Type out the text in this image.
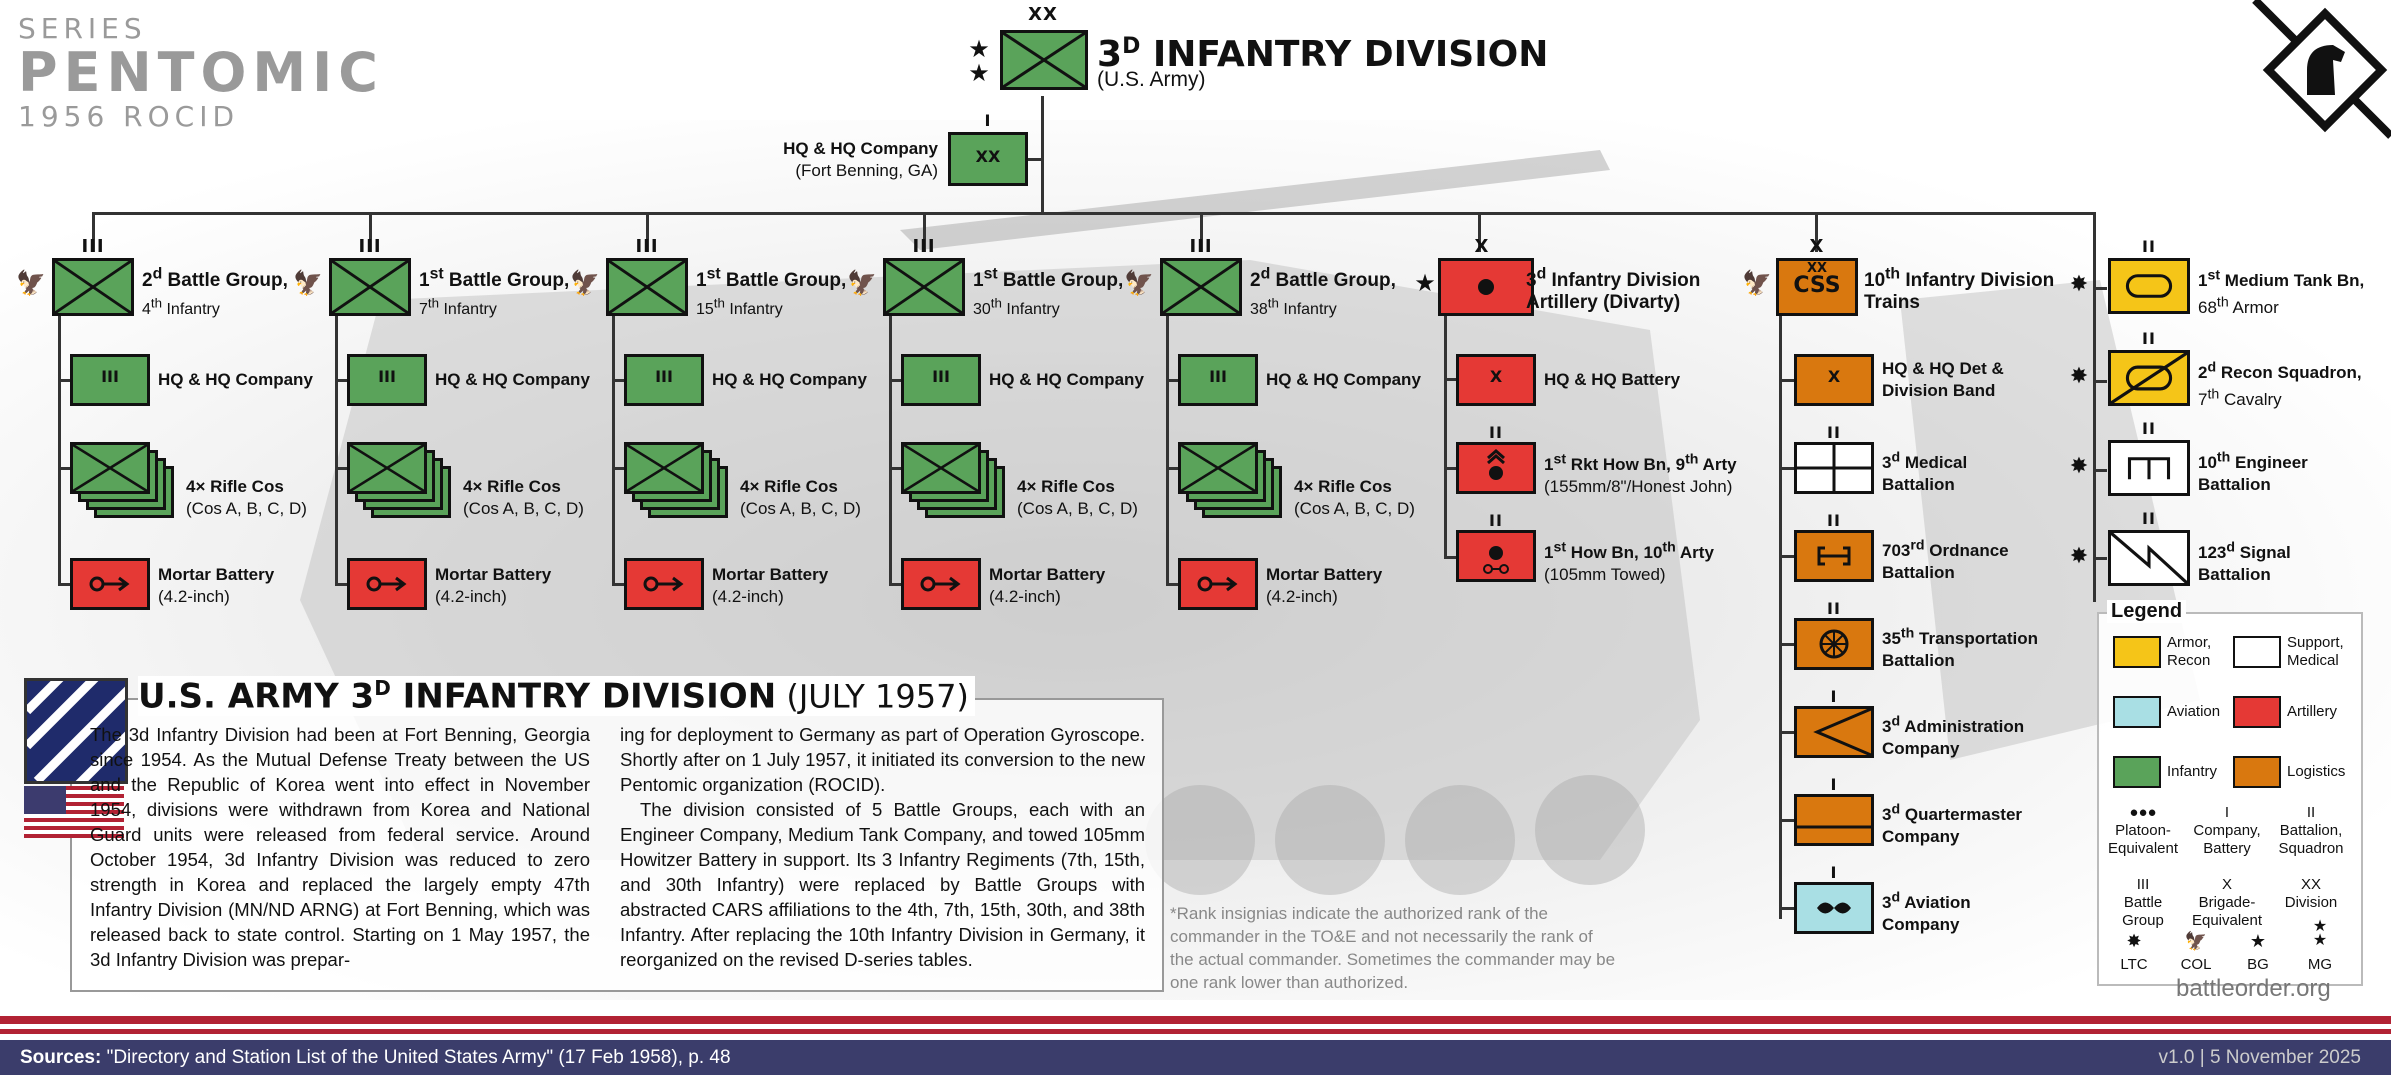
SERIES
PENTOMIC
1956 ROCID
XX
★
★	$3^D$ INFANTRY DIVISION
(U.S. Army)
I
XX
HQ & HQ Company
(Fort Benning, GA)
III
🦅	2$^d$ Battle Group,
4th Infantry
III	HQ & HQ Company
4× Rifle Cos
(Cos A, B, C, D)
Mortar Battery
(4.2-inch)
III
🦅	1st Battle Group,
7th Infantry
III	HQ & HQ Company
4× Rifle Cos
(Cos A, B, C, D)
Mortar Battery
(4.2-inch)
III
🦅	1st Battle Group,
15th Infantry
III	HQ & HQ Company
4× Rifle Cos
(Cos A, B, C, D)
Mortar Battery
(4.2-inch)
III
🦅	1st Battle Group,
30th Infantry
III	HQ & HQ Company
4× Rifle Cos
(Cos A, B, C, D)
Mortar Battery
(4.2-inch)
III
🦅	2$^d$ Battle Group,
38th Infantry
III	HQ & HQ Company
4× Rifle Cos
(Cos A, B, C, D)
Mortar Battery
(4.2-inch)
X
★	3$^d$ Infantry Division
Artillery (Divarty)
X	HQ & HQ Battery
II
1st Rkt How Bn, 9th Arty
(155mm/8"/Honest John)
II
1st How Bn, 10th Arty
(105mm Towed)
X
🦅
XX
CSS	10th Infantry Division
Trains
X	HQ & HQ Det &
Division Band
II
3$^d$ Medical
Battalion
II
703rd Ordnance
Battalion
II
35th Transportation
Battalion
I
3$^d$ Administration
Company
I
3$^d$ Quartermaster
Company
I
3$^d$ Aviation
Company
II
✸	1st Medium Tank Bn,
68th Armor
II
✸	2$^d$ Recon Squadron,
7th Cavalry
II
✸	10th Engineer
Battalion
II
✸	123$^d$ Signal
Battalion
U.S. ARMY $3^D$ INFANTRY DIVISION (JULY 1957)
The 3d Infantry Division had been at Fort Benning, Georgia since 1954. As the Mutual Defense Treaty between the US and the Republic of Korea went into effect in November 1954, divisions were withdrawn from Korea and National Guard units were released from federal service. Around October 1954, 3d Infantry Division was reduced to zero strength in Korea and replaced the largely empty 47th Infantry Division (MN/ND ARNG) at Fort Benning, which was released back to state control. Starting on 1 May 1957, the 3d Infantry Division was prepar-
ing for deployment to Germany as part of Operation Gyroscope. Shortly after on 1 July 1957, it initiated its conversion to the new Pentomic organization (ROCID).
The division consisted of 5 Battle Groups, each with an Engineer Company, Medium Tank Company, and towed 105mm Howitzer Battery in support. Its 3 Infantry Regiments (7th, 15th, and 30th Infantry) were replaced by Battle Groups with abstracted CARS affiliations to the 4th, 7th, 15th, 30th, and 38th Infantry. After replacing the 10th Infantry Division in Germany, it reorganized on the revised D-series tables.
*Rank insignias indicate the authorized rank of the commander in the TO&E and not necessarily the rank of the actual commander. Sometimes the commander may be one rank lower than authorized.
Legend
Armor,
Recon
Support,
Medical
Aviation	Artillery
Infantry	Logistics
●●●
Platoon-
Equivalent
I
Company,
Battery
II
Battalion,
Squadron
III
Battle
Group
X
Brigade-
Equivalent
XX
Division
✸
LTC
🦅
COL
★
BG
★
★
MG
battleorder.org
Sources: "Directory and Station List of the United States Army" (17 Feb 1958), p. 48	v1.0 | 5 November 2025
